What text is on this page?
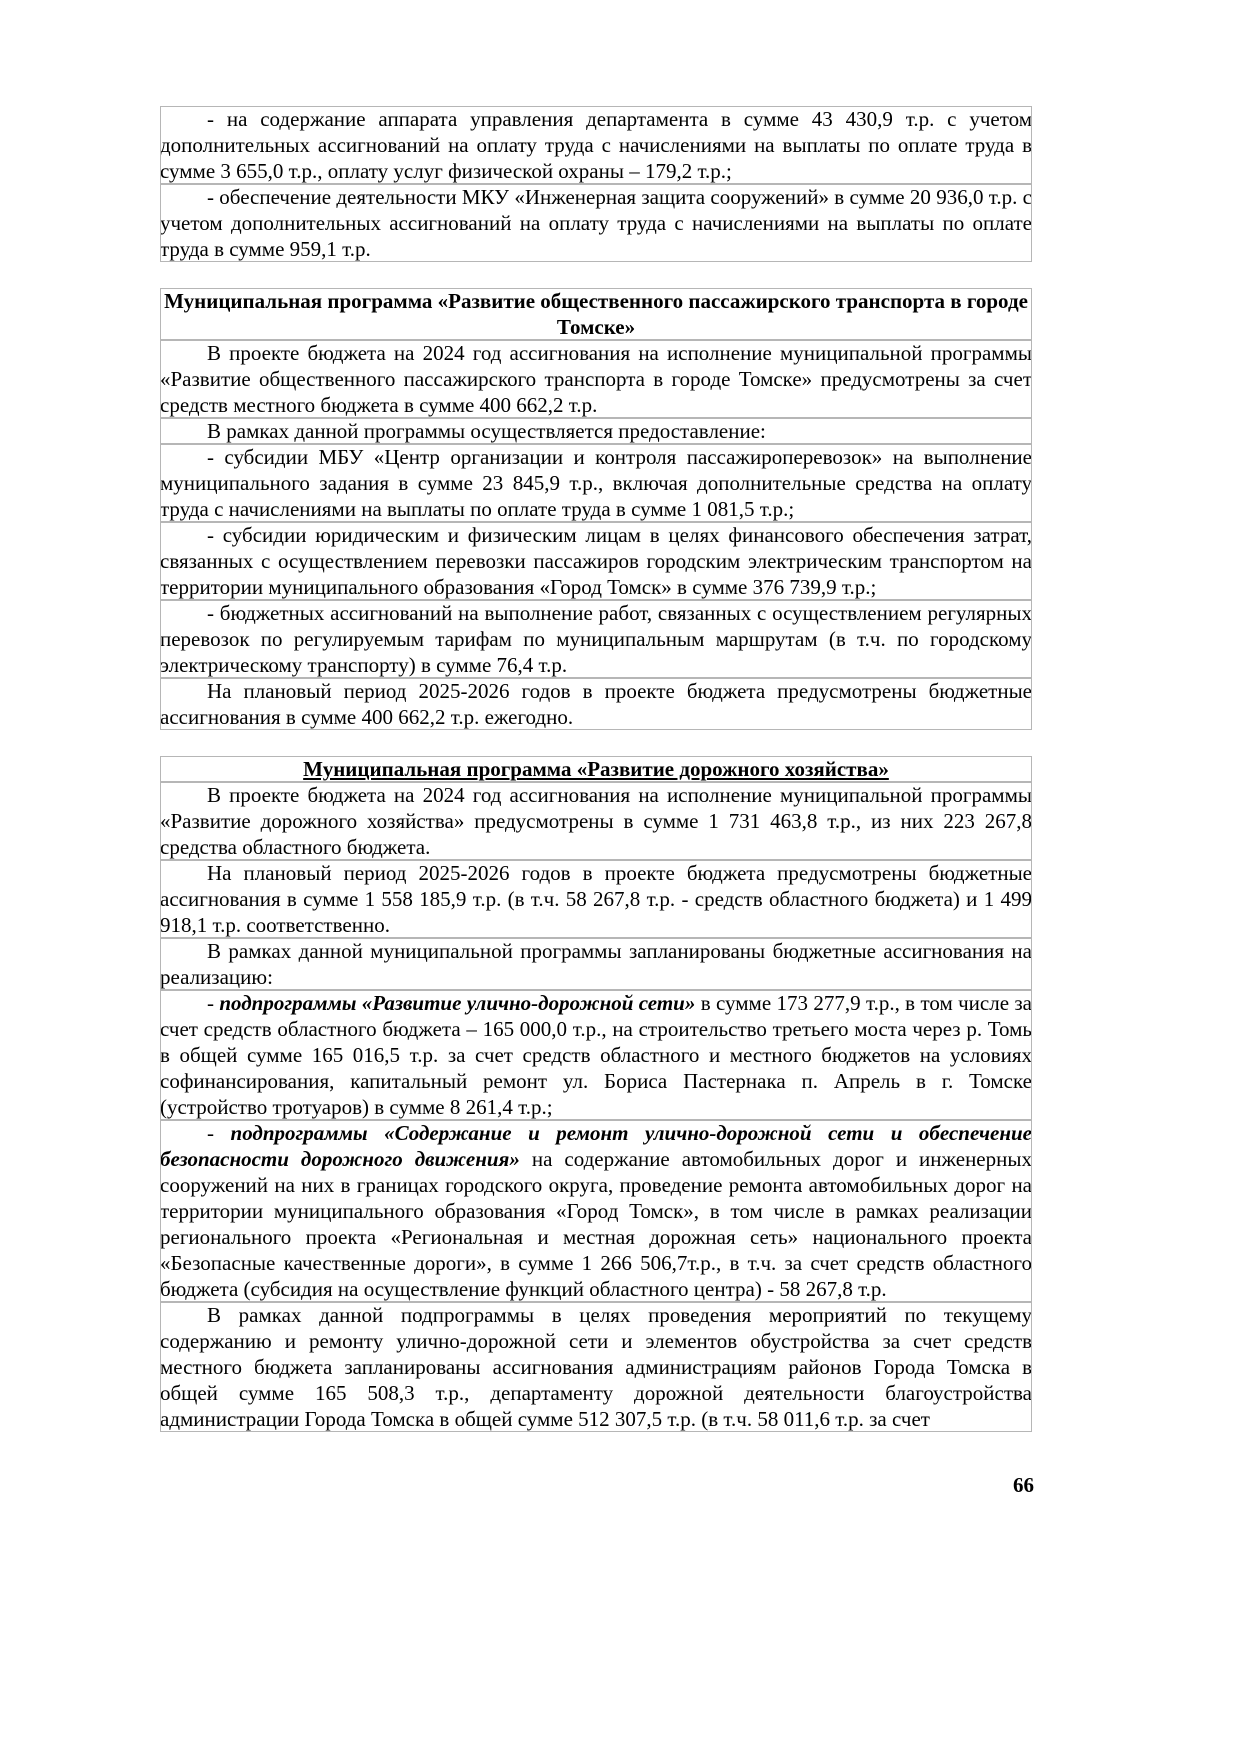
- на содержание аппарата управления департамента в сумме 43 430,9 т.р. с учетом дополнительных ассигнований на оплату труда с начислениями на выплаты по оплате труда в сумме 3 655,0 т.р., оплату услуг физической охраны – 179,2 т.р.;

- обеспечение деятельности МКУ «Инженерная защита сооружений» в сумме 20 936,0 т.р. с учетом дополнительных ассигнований на оплату труда с начислениями на выплаты по оплате труда в сумме 959,1 т.р.

Муниципальная программа «Развитие общественного пассажирского транспорта в городе Томске»

В проекте бюджета на 2024 год ассигнования на исполнение муниципальной программы «Развитие общественного пассажирского транспорта в городе Томске» предусмотрены за счет средств местного бюджета в сумме 400 662,2 т.р.

В рамках данной программы осуществляется предоставление:

- субсидии МБУ «Центр организации и контроля пассажироперевозок» на выполнение муниципального задания в сумме 23 845,9 т.р., включая дополнительные средства на оплату труда с начислениями на выплаты по оплате труда в сумме 1 081,5 т.р.;

- субсидии юридическим и физическим лицам в целях финансового обеспечения затрат, связанных с осуществлением перевозки пассажиров городским электрическим транспортом на территории муниципального образования «Город Томск» в сумме 376 739,9 т.р.;

- бюджетных ассигнований на выполнение работ, связанных с осуществлением регулярных перевозок по регулируемым тарифам по муниципальным маршрутам (в т.ч. по городскому электрическому транспорту) в сумме 76,4 т.р.

На плановый период 2025-2026 годов в проекте бюджета предусмотрены бюджетные ассигнования в сумме 400 662,2 т.р. ежегодно.

Муниципальная программа «Развитие дорожного хозяйства»

В проекте бюджета на 2024 год ассигнования на исполнение муниципальной программы «Развитие дорожного хозяйства» предусмотрены в сумме 1 731 463,8 т.р., из них 223 267,8 средства областного бюджета.

На плановый период 2025-2026 годов в проекте бюджета предусмотрены бюджетные ассигнования в сумме 1 558 185,9 т.р. (в т.ч. 58 267,8 т.р. - средств областного бюджета) и 1 499 918,1 т.р. соответственно.

В рамках данной муниципальной программы запланированы бюджетные ассигнования на реализацию:

- подпрограммы «Развитие улично-дорожной сети» в сумме 173 277,9 т.р., в том числе за счет средств областного бюджета – 165 000,0 т.р., на строительство третьего моста через р. Томь в общей сумме 165 016,5 т.р. за счет средств областного и местного бюджетов на условиях софинансирования, капитальный ремонт ул. Бориса Пастернака п. Апрель в г. Томске (устройство тротуаров) в сумме 8 261,4 т.р.;

- подпрограммы «Содержание и ремонт улично-дорожной сети и обеспечение безопасности дорожного движения» на содержание автомобильных дорог и инженерных сооружений на них в границах городского округа, проведение ремонта автомобильных дорог на территории муниципального образования «Город Томск», в том числе в рамках реализации регионального проекта «Региональная и местная дорожная сеть» национального проекта «Безопасные качественные дороги», в сумме 1 266 506,7т.р., в т.ч. за счет средств областного бюджета (субсидия на осуществление функций областного центра) - 58 267,8 т.р.

В рамках данной подпрограммы в целях проведения мероприятий по текущему содержанию и ремонту улично-дорожной сети и элементов обустройства за счет средств местного бюджета запланированы ассигнования администрациям районов Города Томска в общей сумме 165 508,3 т.р., департаменту дорожной деятельности благоустройства администрации Города Томска в общей сумме 512 307,5 т.р. (в т.ч. 58 011,6 т.р. за счет

66
